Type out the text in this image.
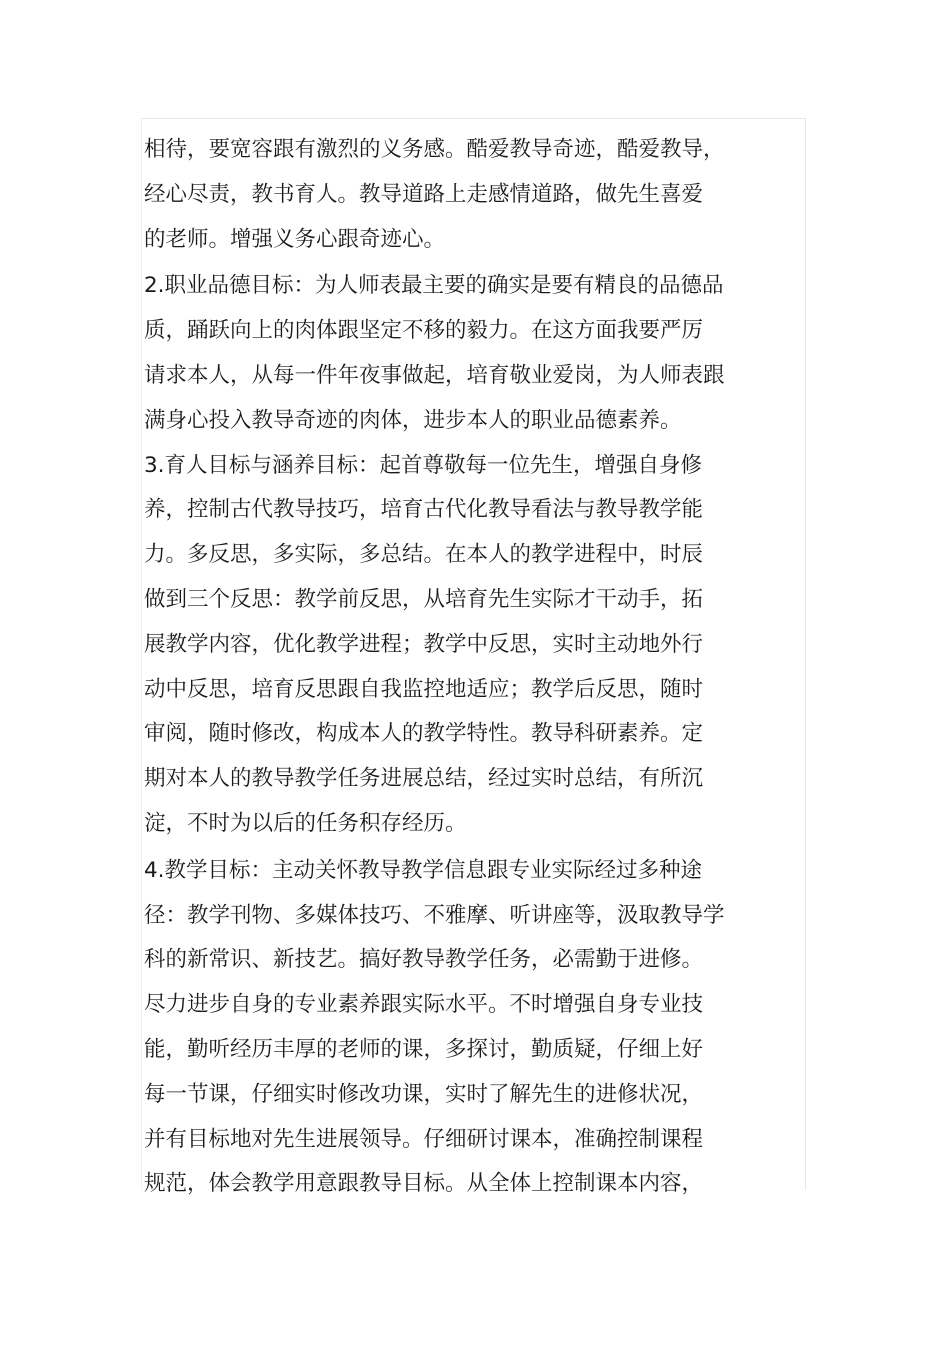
相待，要宽容跟有激烈的义务感。酷爱教导奇迹，酷爱教导，
经心尽责，教书育人。教导道路上走感情道路，做先生喜爱
的老师。增强义务心跟奇迹心。
2.职业品德目标：为人师表最主要的确实是要有精良的品德品
质，踊跃向上的肉体跟坚定不移的毅力。在这方面我要严厉
请求本人，从每一件年夜事做起，培育敬业爱岗，为人师表跟
满身心投入教导奇迹的肉体，进步本人的职业品德素养。
3.育人目标与涵养目标：起首尊敬每一位先生，增强自身修
养，控制古代教导技巧，培育古代化教导看法与教导教学能
力。多反思，多实际，多总结。在本人的教学进程中，时辰
做到三个反思：教学前反思，从培育先生实际才干动手，拓
展教学内容，优化教学进程；教学中反思，实时主动地外行
动中反思，培育反思跟自我监控地适应；教学后反思，随时
审阅，随时修改，构成本人的教学特性。教导科研素养。定
期对本人的教导教学任务进展总结，经过实时总结，有所沉
淀，不时为以后的任务积存经历。
4.教学目标：主动关怀教导教学信息跟专业实际经过多种途
径：教学刊物、多媒体技巧、不雅摩、听讲座等，汲取教导学
科的新常识、新技艺。搞好教导教学任务，必需勤于进修。
尽力进步自身的专业素养跟实际水平。不时增强自身专业技
能，勤听经历丰厚的老师的课，多探讨，勤质疑，仔细上好
每一节课，仔细实时修改功课，实时了解先生的进修状况，
并有目标地对先生进展领导。仔细研讨课本，准确控制课程
规范，体会教学用意跟教导目标。从全体上控制课本内容，
